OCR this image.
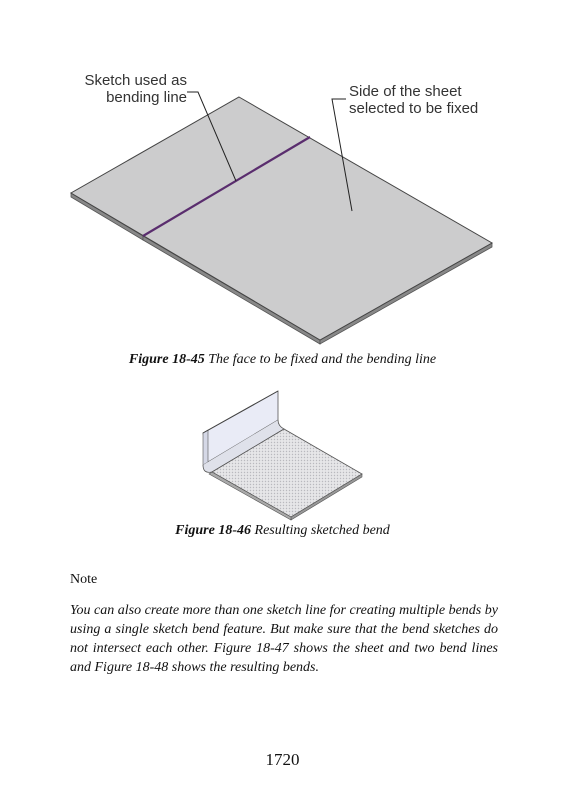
Sketch used as
bending line	Side of the sheet
selected to be fixed
Figure 18-45 The face to be fixed and the bending line
Figure 18-46 Resulting sketched bend
Note
You can also create more than one sketch line for creating multiple bends by using a single sketch bend feature. But make sure that the bend sketches do not intersect each other. Figure 18-47 shows the sheet and two bend lines and Figure 18-48 shows the resulting bends.
1720
